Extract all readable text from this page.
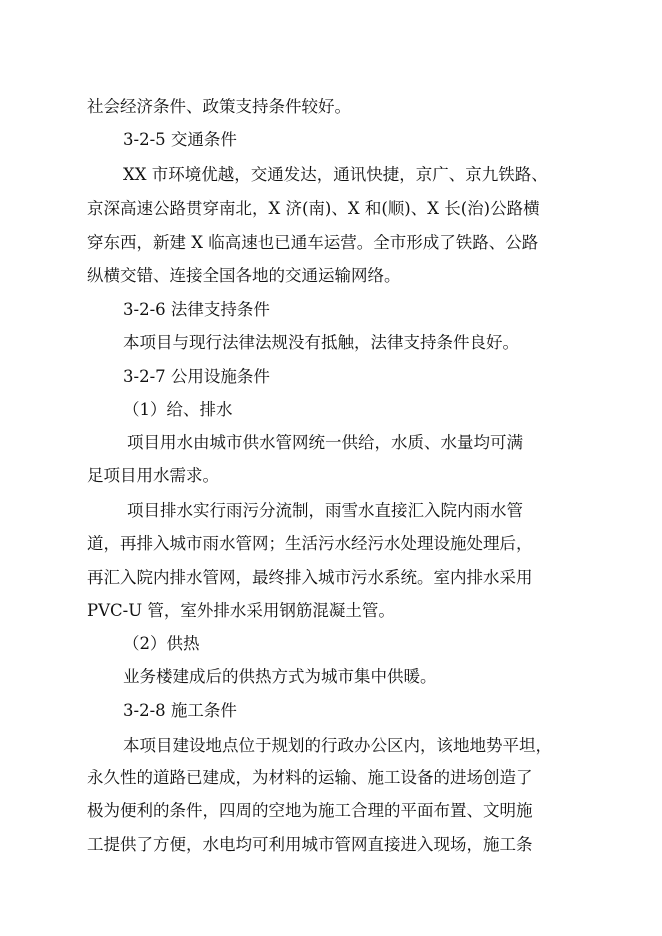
社会经济条件、政策支持条件较好。
3-2-5 交通条件
XX 市环境优越，交通发达，通讯快捷，京广、京九铁路、
京深高速公路贯穿南北，X 济(南)、X 和(顺)、X 长(治)公路横
穿东西，新建 X 临高速也已通车运营。全市形成了铁路、公路
纵横交错、连接全国各地的交通运输网络。
3-2-6 法律支持条件
本项目与现行法律法规没有抵触，法律支持条件良好。
3-2-7 公用设施条件
（1）给、排水
项目用水由城市供水管网统一供给，水质、水量均可满
足项目用水需求。
项目排水实行雨污分流制，雨雪水直接汇入院内雨水管
道，再排入城市雨水管网；生活污水经污水处理设施处理后，
再汇入院内排水管网，最终排入城市污水系统。室内排水采用
PVC-U 管，室外排水采用钢筋混凝土管。
（2）供热
业务楼建成后的供热方式为城市集中供暖。
3-2-8 施工条件
本项目建设地点位于规划的行政办公区内，该地地势平坦，
永久性的道路已建成，为材料的运输、施工设备的进场创造了
极为便利的条件，四周的空地为施工合理的平面布置、文明施
工提供了方便，水电均可利用城市管网直接进入现场，施工条
